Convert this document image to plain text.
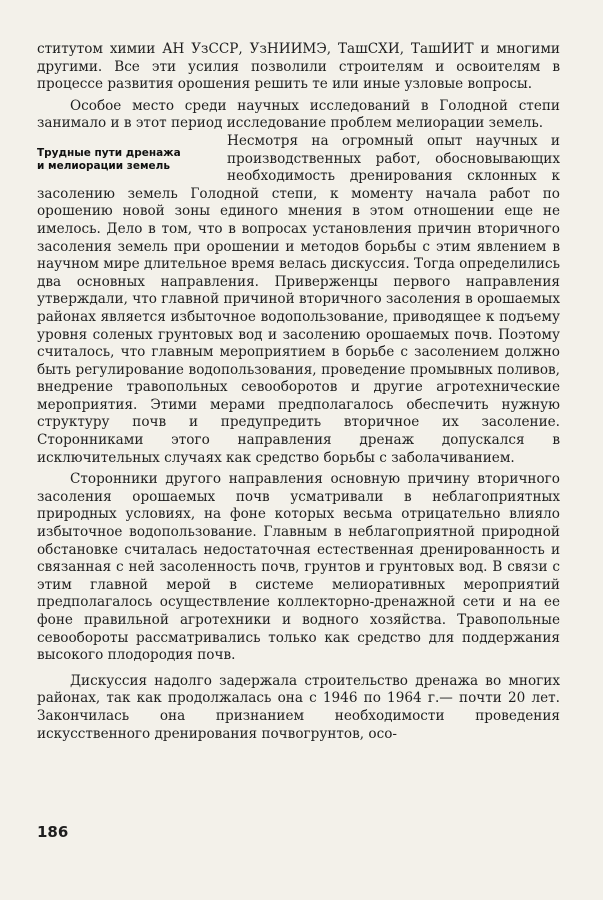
ститутом химии АН УзССР, УзНИИМЭ, ТашСХИ, ТашИИТ и многими другими. Все эти усилия позволили строителям и освоителям в процессе развития орошения решить те или иные узловые вопросы.

Особое место среди научных исследований в Голодной степи занимало и в этот период исследование проблем мелиорации земель.

Трудные пути дренажа
и мелиорации земель

Несмотря на огромный опыт научных и производственных работ, обосновывающих необходимость дренирования склонных к засолению земель Голодной степи, к моменту начала работ по орошению новой зоны единого мнения в этом отношении еще не имелось. Дело в том, что в вопросах установления причин вторичного засоления земель при орошении и методов борьбы с этим явлением в научном мире длительное время велась дискуссия. Тогда определились два основных направления. Приверженцы первого направления утверждали, что главной причиной вторичного засоления в орошаемых районах является избыточное водопользование, приводящее к подъему уровня соленых грунтовых вод и засолению орошаемых почв. Поэтому считалось, что главным мероприятием в борьбе с засолением должно быть регулирование водопользования, проведение промывных поливов, внедрение травопольных севооборотов и другие агротехнические мероприятия. Этими мерами предполагалось обеспечить нужную структуру почв и предупредить вторичное их засоление. Сторонниками этого направления дренаж допускался в исключительных случаях как средство борьбы с заболачиванием.

Сторонники другого направления основную причину вторичного засоления орошаемых почв усматривали в неблагоприятных природных условиях, на фоне которых весьма отрицательно влияло избыточное водопользование. Главным в неблагоприятной природной обстановке считалась недостаточная естественная дренированность и связанная с ней засоленность почв, грунтов и грунтовых вод. В связи с этим главной мерой в системе мелиоративных мероприятий предполагалось осуществление коллекторно-дренажной сети и на ее фоне правильной агротехники и водного хозяйства. Травопольные севообороты рассматривались только как средство для поддержания высокого плодородия почв.

Дискуссия надолго задержала строительство дренажа во многих районах, так как продолжалась она с 1946 по 1964 г.— почти 20 лет. Закончилась она признанием необходимости проведения искусственного дренирования почвогрунтов, осо-

186
